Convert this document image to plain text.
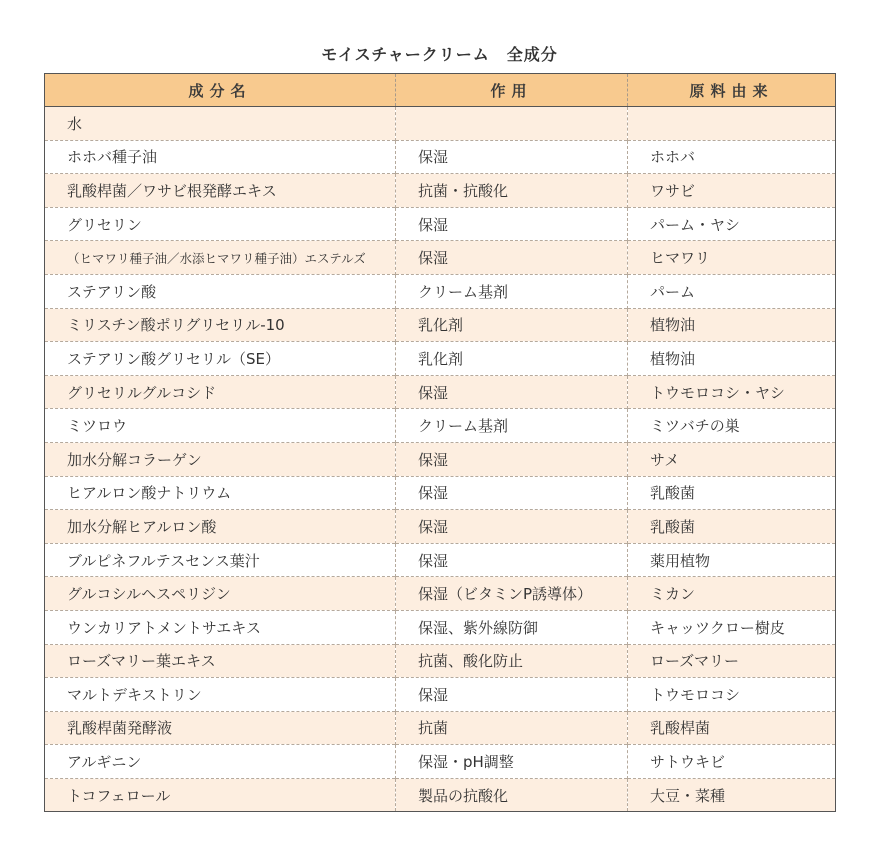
モイスチャークリーム　全成分
成分名	作用	原料由来
水		
ホホバ種子油	保湿	ホホバ
乳酸桿菌／ワサビ根発酵エキス	抗菌・抗酸化	ワサビ
グリセリン	保湿	パーム・ヤシ
（ヒマワリ種子油／水添ヒマワリ種子油）エステルズ	保湿	ヒマワリ
ステアリン酸	クリーム基剤	パーム
ミリスチン酸ポリグリセリル-10	乳化剤	植物油
ステアリン酸グリセリル（SE）	乳化剤	植物油
グリセリルグルコシド	保湿	トウモロコシ・ヤシ
ミツロウ	クリーム基剤	ミツバチの巣
加水分解コラーゲン	保湿	サメ
ヒアルロン酸ナトリウム	保湿	乳酸菌
加水分解ヒアルロン酸	保湿	乳酸菌
ブルピネフルテスセンス葉汁	保湿	薬用植物
グルコシルヘスペリジン	保湿（ビタミンP誘導体）	ミカン
ウンカリアトメントサエキス	保湿、紫外線防御	キャッツクロー樹皮
ローズマリー葉エキス	抗菌、酸化防止	ローズマリー
マルトデキストリン	保湿	トウモロコシ
乳酸桿菌発酵液	抗菌	乳酸桿菌
アルギニン	保湿・pH調整	サトウキビ
トコフェロール	製品の抗酸化	大豆・菜種
